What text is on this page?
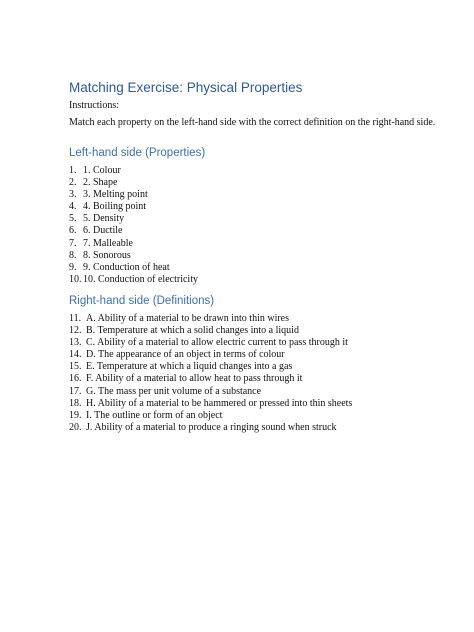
Matching Exercise: Physical Properties
Instructions:
Match each property on the left-hand side with the correct definition on the right-hand side.
Left-hand side (Properties)
1. 1. Colour
2. 2. Shape
3. 3. Melting point
4. 4. Boiling point
5. 5. Density
6. 6. Ductile
7. 7. Malleable
8. 8. Sonorous
9. 9. Conduction of heat
10. 10. Conduction of electricity
Right-hand side (Definitions)
11. A. Ability of a material to be drawn into thin wires
12. B. Temperature at which a solid changes into a liquid
13. C. Ability of a material to allow electric current to pass through it
14. D. The appearance of an object in terms of colour
15. E. Temperature at which a liquid changes into a gas
16. F. Ability of a material to allow heat to pass through it
17. G. The mass per unit volume of a substance
18. H. Ability of a material to be hammered or pressed into thin sheets
19. I. The outline or form of an object
20. J. Ability of a material to produce a ringing sound when struck
